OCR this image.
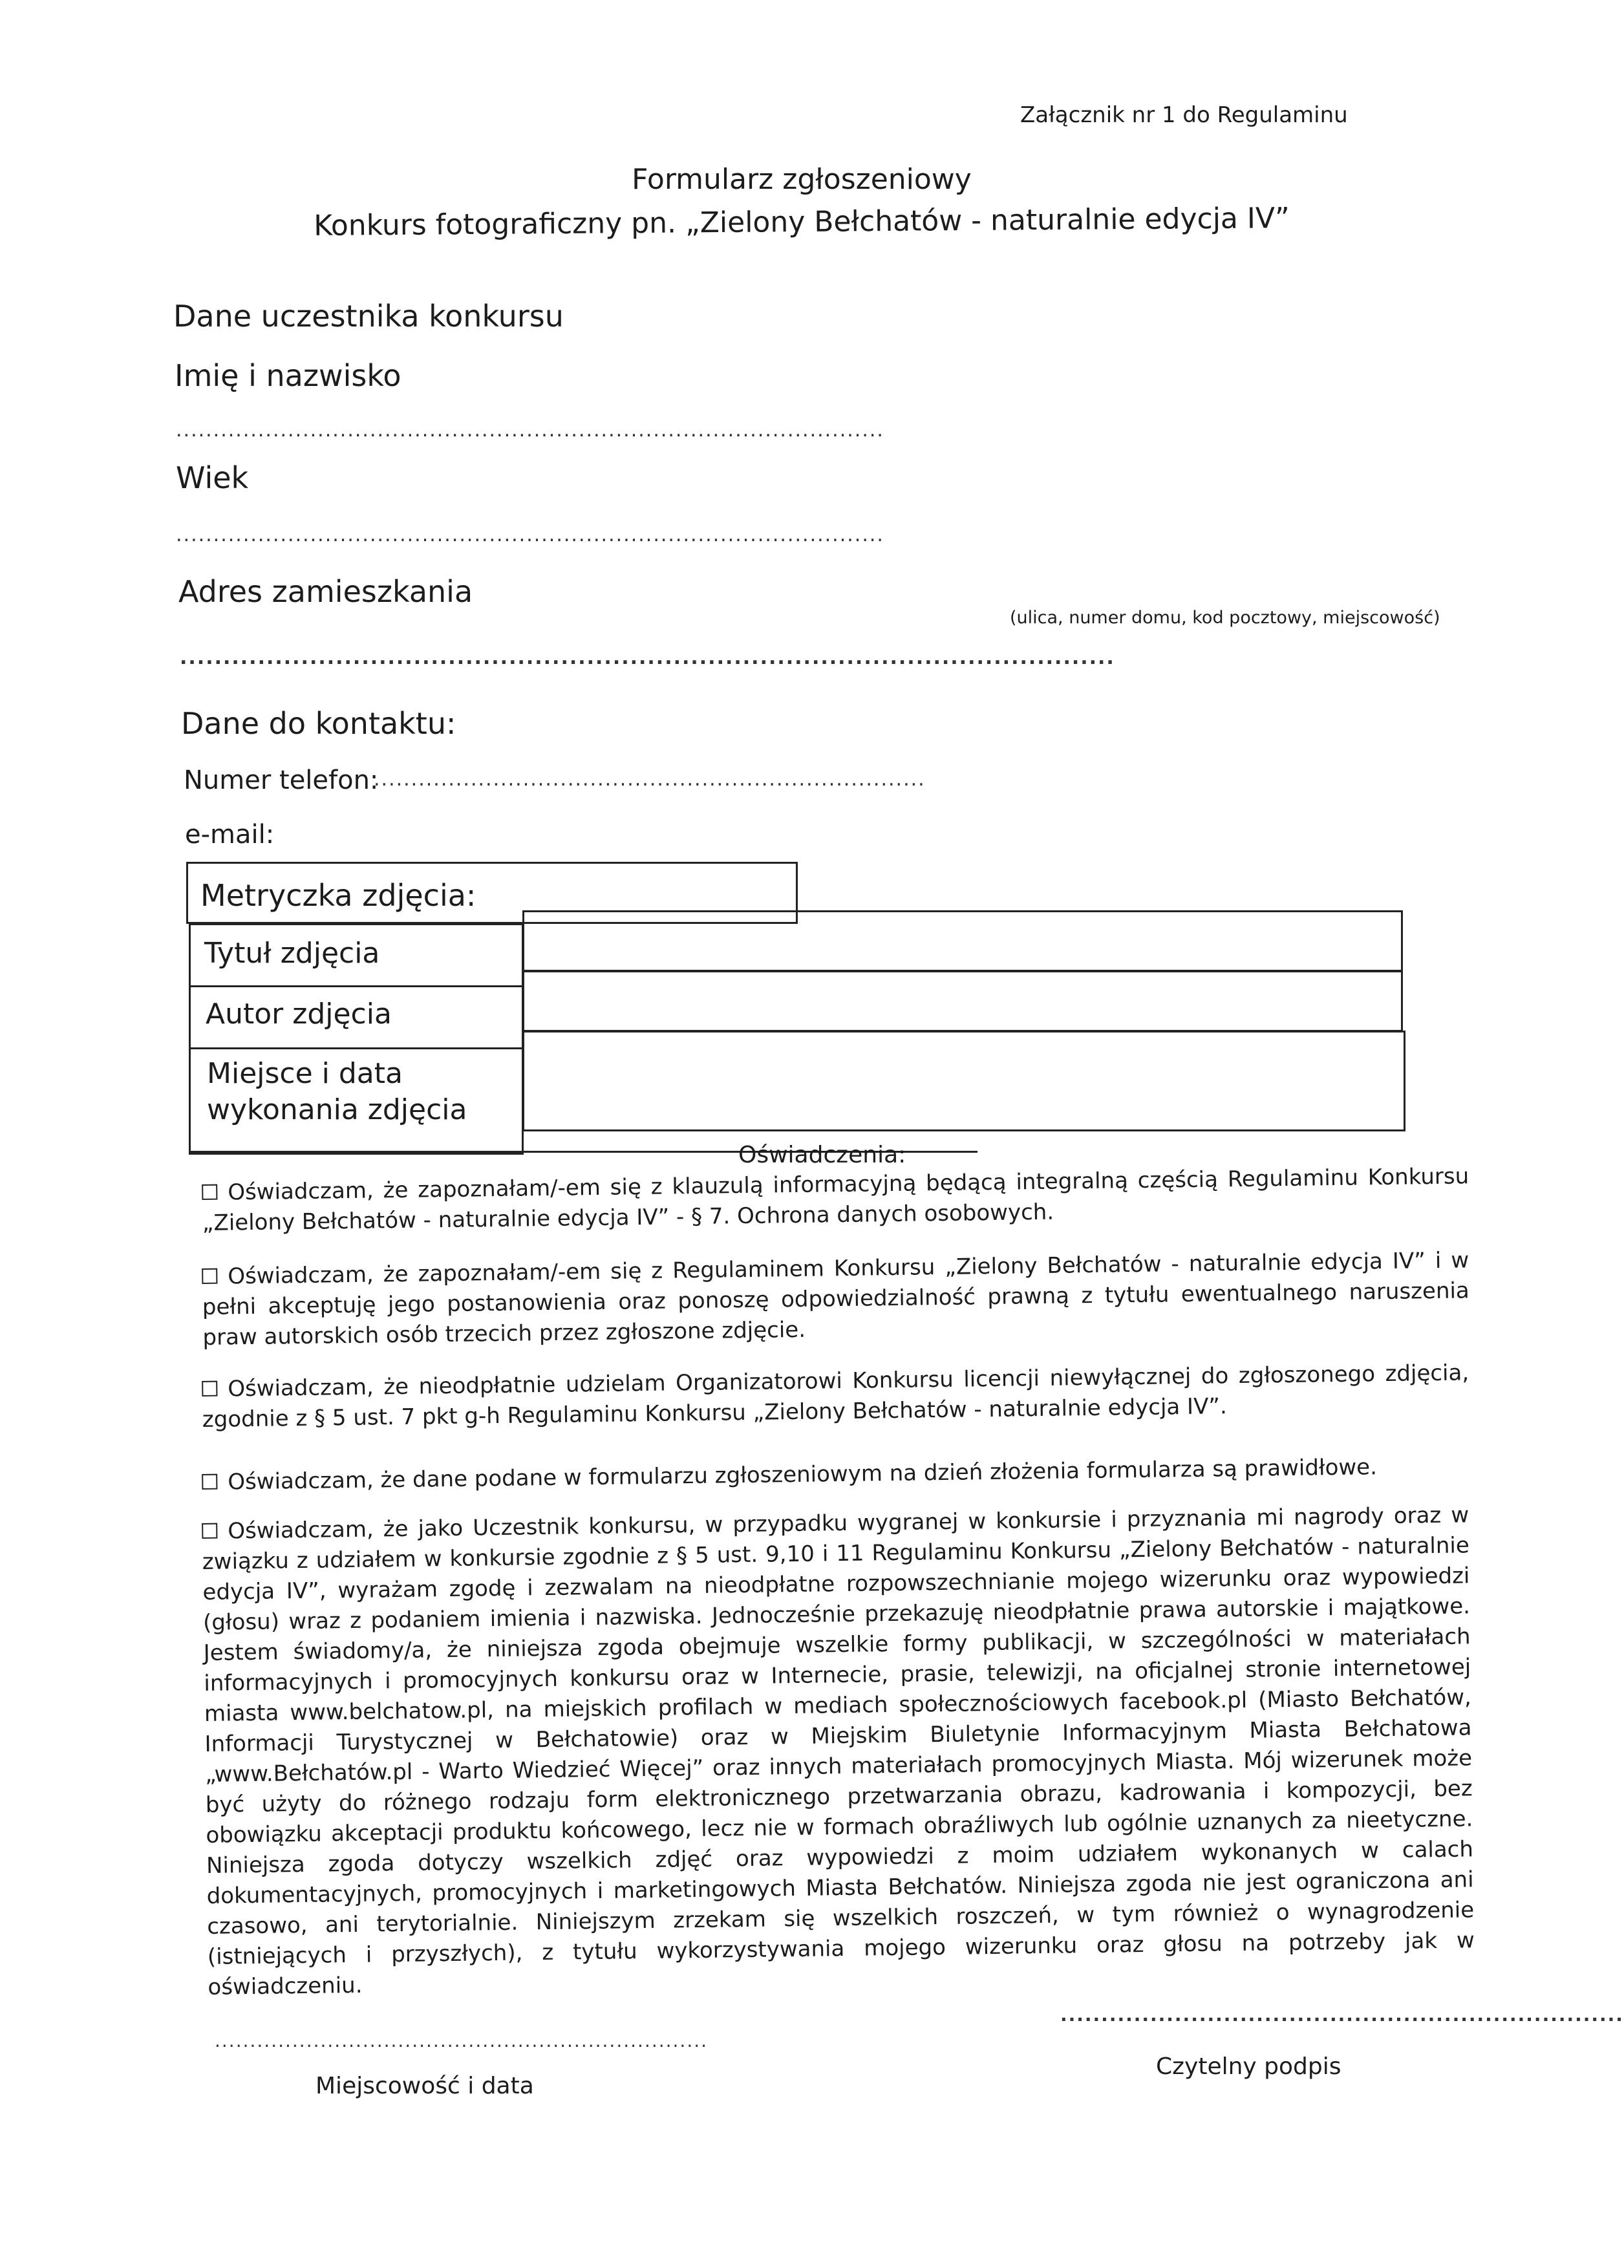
Załącznik nr 1 do Regulaminu
Formularz zgłoszeniowy
Konkurs fotograficzny pn. „Zielony Bełchatów - naturalnie edycja IV”
Dane uczestnika konkursu
Imię i nazwisko
...............................................................................................
Wiek
...............................................................................................
Adres zamieszkania
(ulica, numer domu, kod pocztowy, miejscowość)
............................................................................................................
Dane do kontaktu:
Numer telefon:
..........................................................................
e-mail:
Metryczka zdjęcia:
Tytuł zdjęcia
Autor zdjęcia
Miejsce i data
wykonania zdjęcia
Oświadczenia:
Oświadczam, że zapoznałam/-em się z klauzulą informacyjną będącą integralną częścią Regulaminu Konkursu „Zielony Bełchatów - naturalnie edycja IV” - § 7. Ochrona danych osobowych.
Oświadczam, że zapoznałam/-em się z Regulaminem Konkursu „Zielony Bełchatów - naturalnie edycja IV” i w pełni akceptuję jego postanowienia oraz ponoszę odpowiedzialność prawną z tytułu ewentualnego naruszenia praw autorskich osób trzecich przez zgłoszone zdjęcie.
Oświadczam, że nieodpłatnie udzielam Organizatorowi Konkursu licencji niewyłącznej do zgłoszonego zdjęcia, zgodnie z § 5 ust. 7 pkt g-h Regulaminu Konkursu „Zielony Bełchatów - naturalnie edycja IV”.
Oświadczam, że dane podane w formularzu zgłoszeniowym na dzień złożenia formularza są prawidłowe.
Oświadczam, że jako Uczestnik konkursu, w przypadku wygranej w konkursie i przyznania mi nagrody oraz w związku z udziałem w konkursie zgodnie z § 5 ust. 9,10 i 11 Regulaminu Konkursu „Zielony Bełchatów - naturalnie edycja IV”, wyrażam zgodę i zezwalam na nieodpłatne rozpowszechnianie mojego wizerunku oraz wypowiedzi (głosu) wraz z podaniem imienia i nazwiska. Jednocześnie przekazuję nieodpłatnie prawa autorskie i majątkowe. Jestem świadomy/a, że niniejsza zgoda obejmuje wszelkie formy publikacji, w szczególności w materiałach informacyjnych i promocyjnych konkursu oraz w Internecie, prasie, telewizji, na oficjalnej stronie internetowej miasta www.belchatow.pl, na miejskich profilach w mediach społecznościowych facebook.pl (Miasto Bełchatów, Informacji Turystycznej w Bełchatowie) oraz w Miejskim Biuletynie Informacyjnym Miasta Bełchatowa „www.Bełchatów.pl - Warto Wiedzieć Więcej” oraz innych materiałach promocyjnych Miasta. Mój wizerunek może być użyty do różnego rodzaju form elektronicznego przetwarzania obrazu, kadrowania i kompozycji, bez obowiązku akceptacji produktu końcowego, lecz nie w formach obraźliwych lub ogólnie uznanych za nieetyczne. Niniejsza zgoda dotyczy wszelkich zdjęć oraz wypowiedzi z moim udziałem wykonanych w calach dokumentacyjnych, promocyjnych i marketingowych Miasta Bełchatów. Niniejsza zgoda nie jest ograniczona ani czasowo, ani terytorialnie. Niniejszym zrzekam się wszelkich roszczeń, w tym również o wynagrodzenie (istniejących i przyszłych), z tytułu wykorzystywania mojego wizerunku oraz głosu na potrzeby jak w oświadczeniu.
......................................................................
Miejscowość i data
.....................................................................
Czytelny podpis
